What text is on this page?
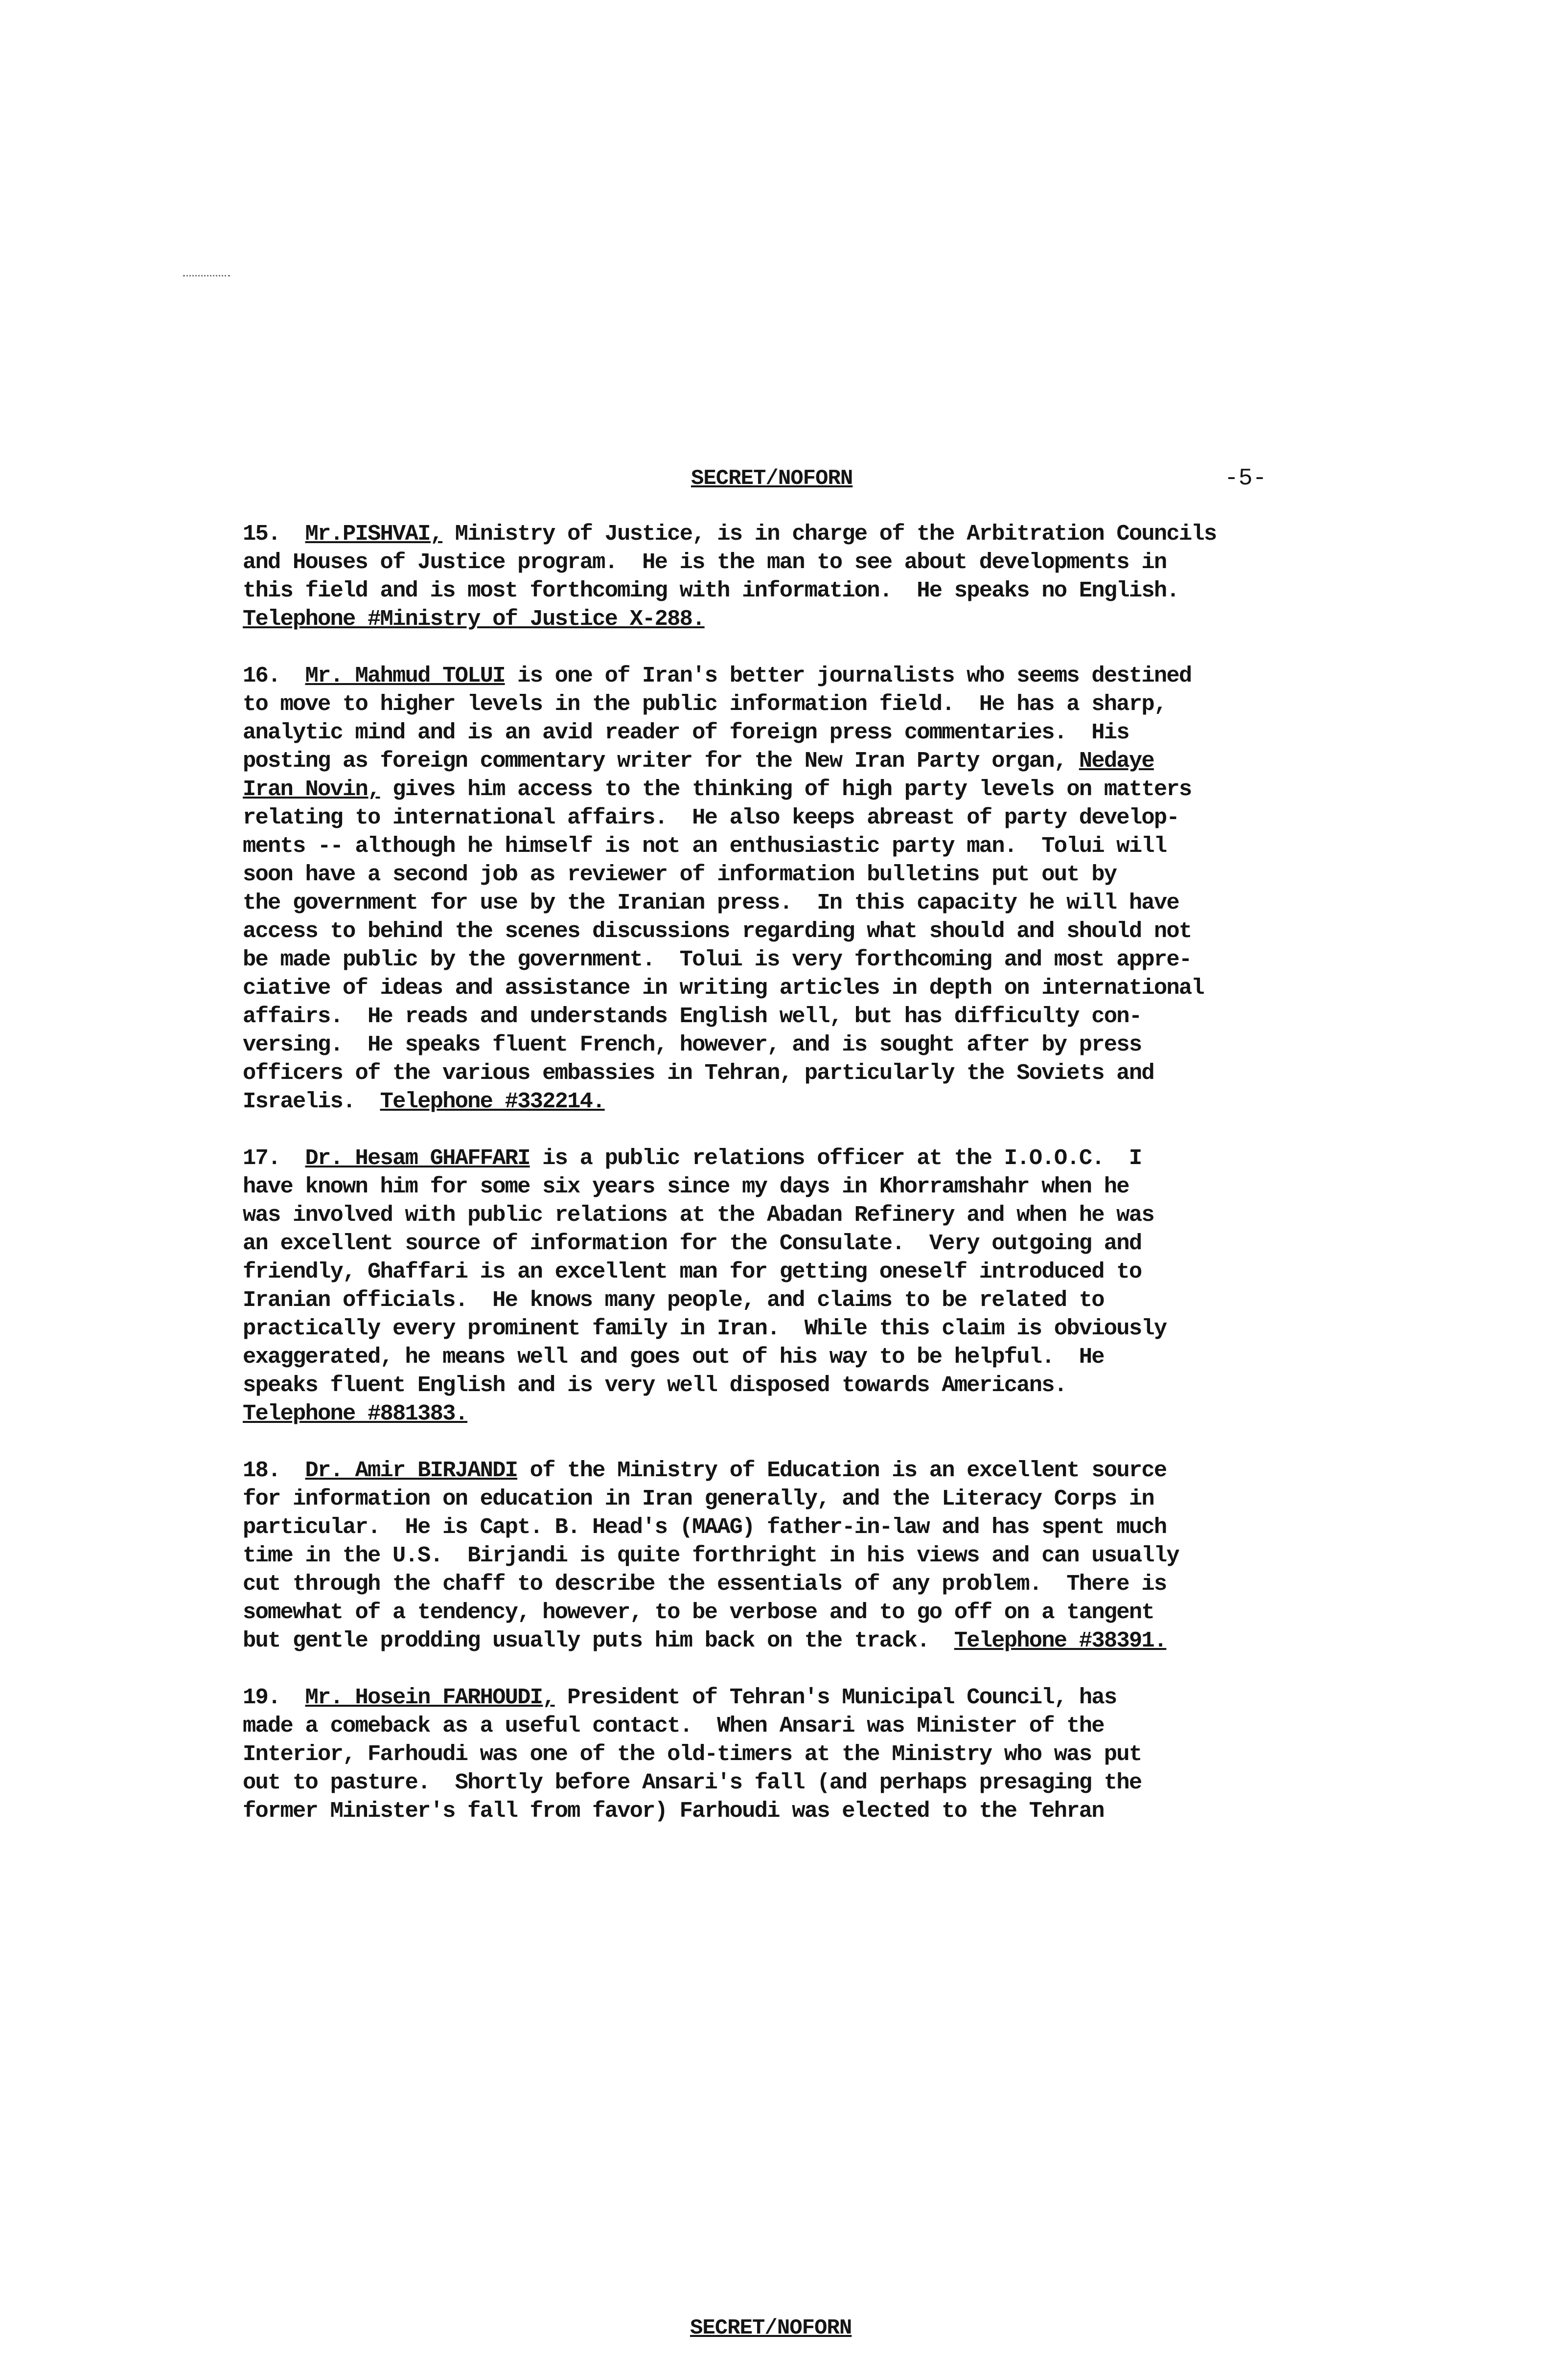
SECRET/NOFORN	-5-
15. Mr.PISHVAI, Ministry of Justice, is in charge of the Arbitration Councils
and Houses of Justice program.  He is the man to see about developments in
this field and is most forthcoming with information.  He speaks no English.
Telephone #Ministry of Justice X-288.
16. Mr. Mahmud TOLUI is one of Iran's better journalists who seems destined
to move to higher levels in the public information field.  He has a sharp,
analytic mind and is an avid reader of foreign press commentaries.  His
posting as foreign commentary writer for the New Iran Party organ, Nedaye
Iran Novin, gives him access to the thinking of high party levels on matters
relating to international affairs.  He also keeps abreast of party develop-
ments -- although he himself is not an enthusiastic party man.  Tolui will
soon have a second job as reviewer of information bulletins put out by
the government for use by the Iranian press.  In this capacity he will have
access to behind the scenes discussions regarding what should and should not
be made public by the government.  Tolui is very forthcoming and most appre-
ciative of ideas and assistance in writing articles in depth on international
affairs.  He reads and understands English well, but has difficulty con-
versing.  He speaks fluent French, however, and is sought after by press
officers of the various embassies in Tehran, particularly the Soviets and
Israelis. Telephone #332214.
17. Dr. Hesam GHAFFARI is a public relations officer at the I.O.O.C.  I
have known him for some six years since my days in Khorramshahr when he
was involved with public relations at the Abadan Refinery and when he was
an excellent source of information for the Consulate.  Very outgoing and
friendly, Ghaffari is an excellent man for getting oneself introduced to
Iranian officials.  He knows many people, and claims to be related to
practically every prominent family in Iran.  While this claim is obviously
exaggerated, he means well and goes out of his way to be helpful.  He
speaks fluent English and is very well disposed towards Americans.
Telephone #881383.
18. Dr. Amir BIRJANDI of the Ministry of Education is an excellent source
for information on education in Iran generally, and the Literacy Corps in
particular.  He is Capt. B. Head's (MAAG) father-in-law and has spent much
time in the U.S.  Birjandi is quite forthright in his views and can usually
cut through the chaff to describe the essentials of any problem.  There is
somewhat of a tendency, however, to be verbose and to go off on a tangent
but gentle prodding usually puts him back on the track. Telephone #38391.
19. Mr. Hosein FARHOUDI, President of Tehran's Municipal Council, has
made a comeback as a useful contact.  When Ansari was Minister of the
Interior, Farhoudi was one of the old-timers at the Ministry who was put
out to pasture.  Shortly before Ansari's fall (and perhaps presaging the
former Minister's fall from favor) Farhoudi was elected to the Tehran
SECRET/NOFORN
